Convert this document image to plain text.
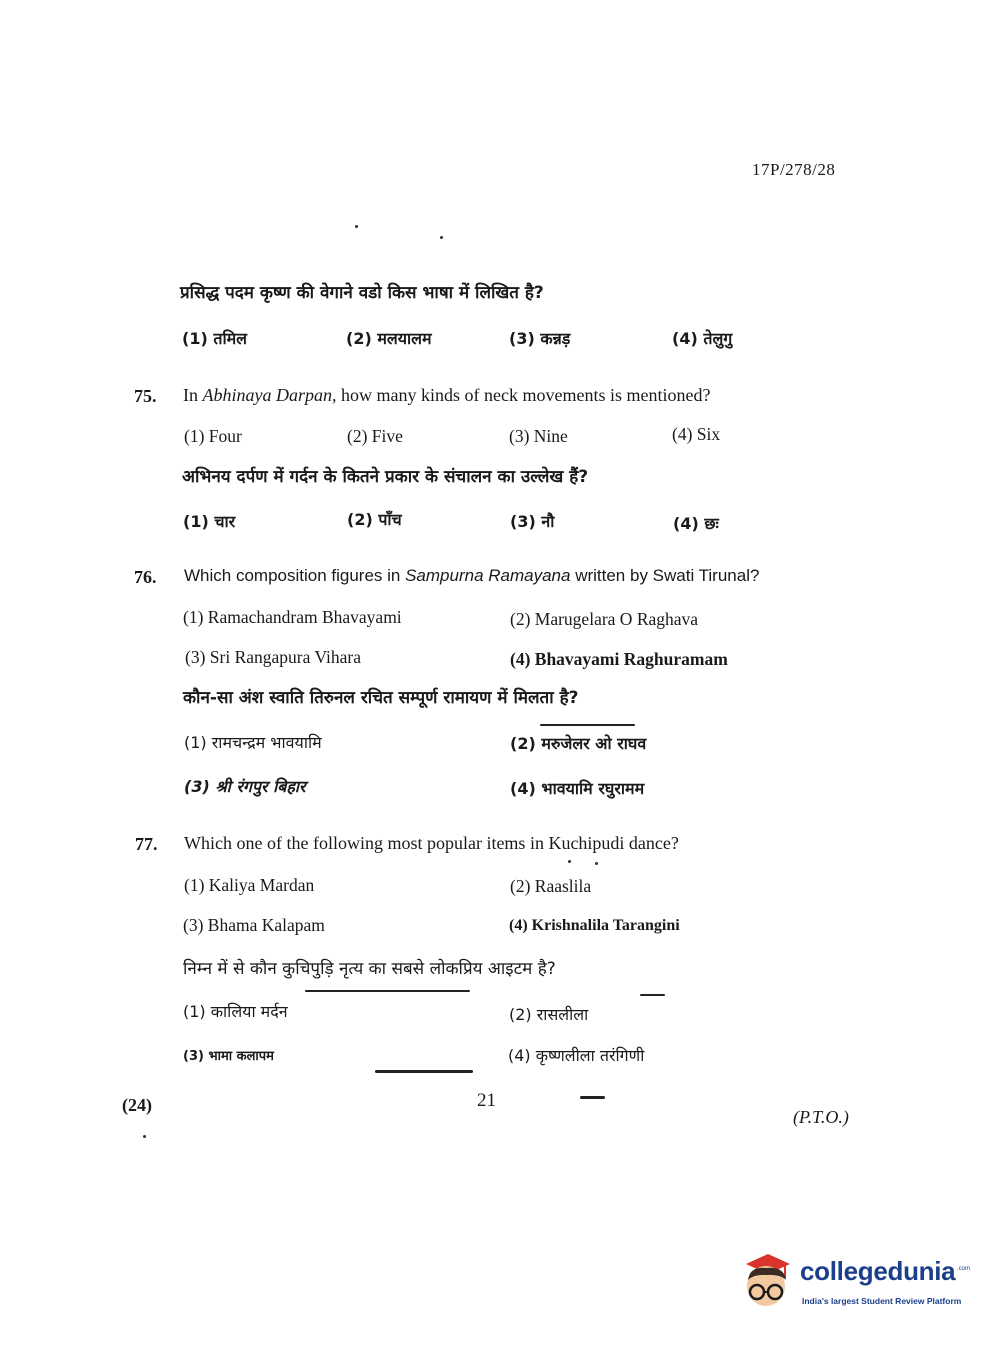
17P/278/28
प्रसिद्ध पदम कृष्ण की वेगाने वडो किस भाषा में लिखित है?
(1) तमिल	(2) मलयालम	(3) कन्नड़	(4) तेलुगु
75. In Abhinaya Darpan, how many kinds of neck movements is mentioned?
(1) Four	(2) Five	(3) Nine	(4) Six
अभिनय दर्पण में गर्दन के कितने प्रकार के संचालन का उल्लेख हैं?
(1) चार	(2) पाँच	(3) नौ	(4) छः
76. Which composition figures in Sampurna Ramayana written by Swati Tirunal?
(1) Ramachandram Bhavayami	(2) Marugelara O Raghava
(3) Sri Rangapura Vihara	(4) Bhavayami Raghuramam
कौन-सा अंश स्वाति तिरुनल रचित सम्पूर्ण रामायण में मिलता है?
(1) रामचन्द्रम भावयामि	(2) मरुजेलर ओ राघव
(3) श्री रंगपुर बिहार	(4) भावयामि रघुरामम
77. Which one of the following most popular items in Kuchipudi dance?
(1) Kaliya Mardan	(2) Raaslila
(3) Bhama Kalapam	(4) Krishnalila Tarangini
निम्न में से कौन कुचिपुड़ि नृत्य का सबसे लोकप्रिय आइटम है?
(1) कालिया मर्दन	(2) रासलीला
(3) भामा कलापम	(4) कृष्णलीला तरंगिणी
(24)	21
(P.T.O.)
collegedunia .com
India's largest Student Review Platform
